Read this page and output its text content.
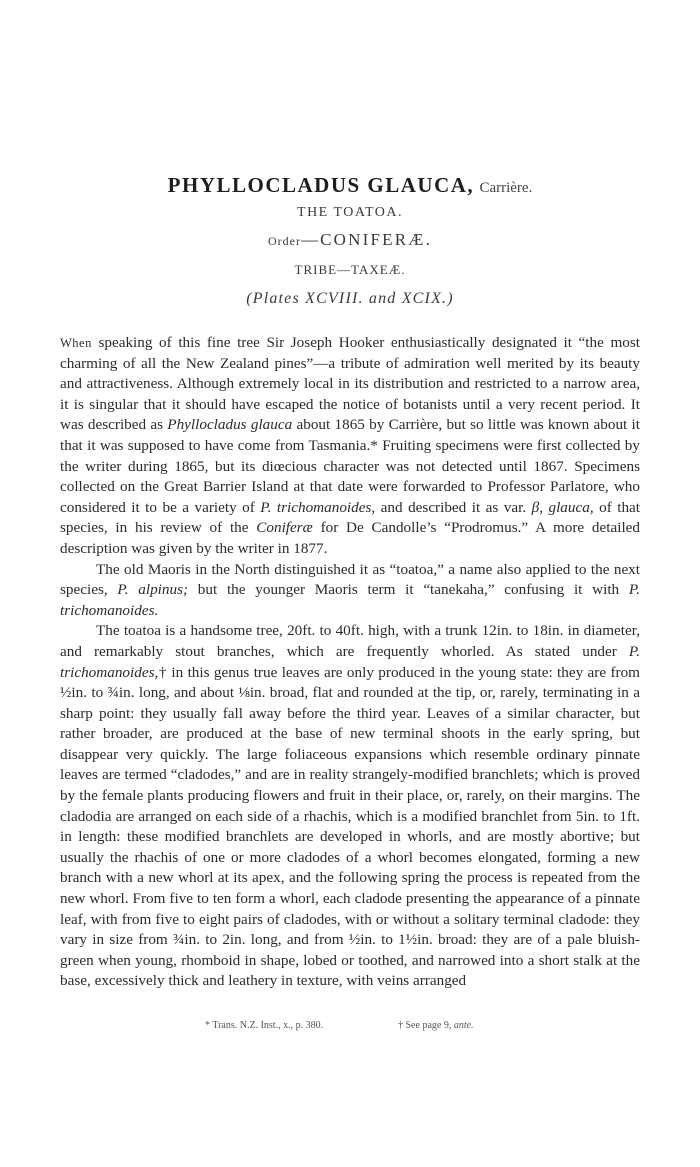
PHYLLOCLADUS GLAUCA, Carrière.
THE TOATOA.
Order—CONIFERÆ.
TRIBE—TAXEÆ.
(Plates XCVIII. and XCIX.)

When speaking of this fine tree Sir Joseph Hooker enthusiastically designated it “the most charming of all the New Zealand pines”—a tribute of admiration well merited by its beauty and attractiveness. Although extremely local in its distribution and restricted to a narrow area, it is singular that it should have escaped the notice of botanists until a very recent period. It was described as Phyllocladus glauca about 1865 by Carrière, but so little was known about it that it was supposed to have come from Tasmania.* Fruiting specimens were first collected by the writer during 1865, but its diœcious character was not detected until 1867. Specimens collected on the Great Barrier Island at that date were forwarded to Professor Parlatore, who considered it to be a variety of P. trichomanoides, and described it as var. β, glauca, of that species, in his review of the Coniferæ for De Candolle’s “Prodromus.” A more detailed description was given by the writer in 1877.

The old Maoris in the North distinguished it as “toatoa,” a name also applied to the next species, P. alpinus; but the younger Maoris term it “tanekaha,” confusing it with P. trichomanoides.

The toatoa is a handsome tree, 20ft. to 40ft. high, with a trunk 12in. to 18in. in diameter, and remarkably stout branches, which are frequently whorled. As stated under P. trichomanoides,† in this genus true leaves are only produced in the young state: they are from ½in. to ¾in. long, and about ⅛in. broad, flat and rounded at the tip, or, rarely, terminating in a sharp point: they usually fall away before the third year. Leaves of a similar character, but rather broader, are produced at the base of new terminal shoots in the early spring, but disappear very quickly. The large foliaceous expansions which resemble ordinary pinnate leaves are termed “cladodes,” and are in reality strangely-modified branchlets; which is proved by the female plants producing flowers and fruit in their place, or, rarely, on their margins. The cladodia are arranged on each side of a rhachis, which is a modified branchlet from 5in. to 1ft. in length: these modified branchlets are developed in whorls, and are mostly abortive; but usually the rhachis of one or more cladodes of a whorl becomes elongated, forming a new branch with a new whorl at its apex, and the following spring the process is repeated from the new whorl. From five to ten form a whorl, each cladode presenting the appearance of a pinnate leaf, with from five to eight pairs of cladodes, with or without a solitary terminal cladode: they vary in size from ¾in. to 2in. long, and from ½in. to 1½in. broad: they are of a pale bluish-green when young, rhomboid in shape, lobed or toothed, and narrowed into a short stalk at the base, excessively thick and leathery in texture, with veins arranged

* Trans. N.Z. Inst., x., p. 380.	† See page 9, ante.
